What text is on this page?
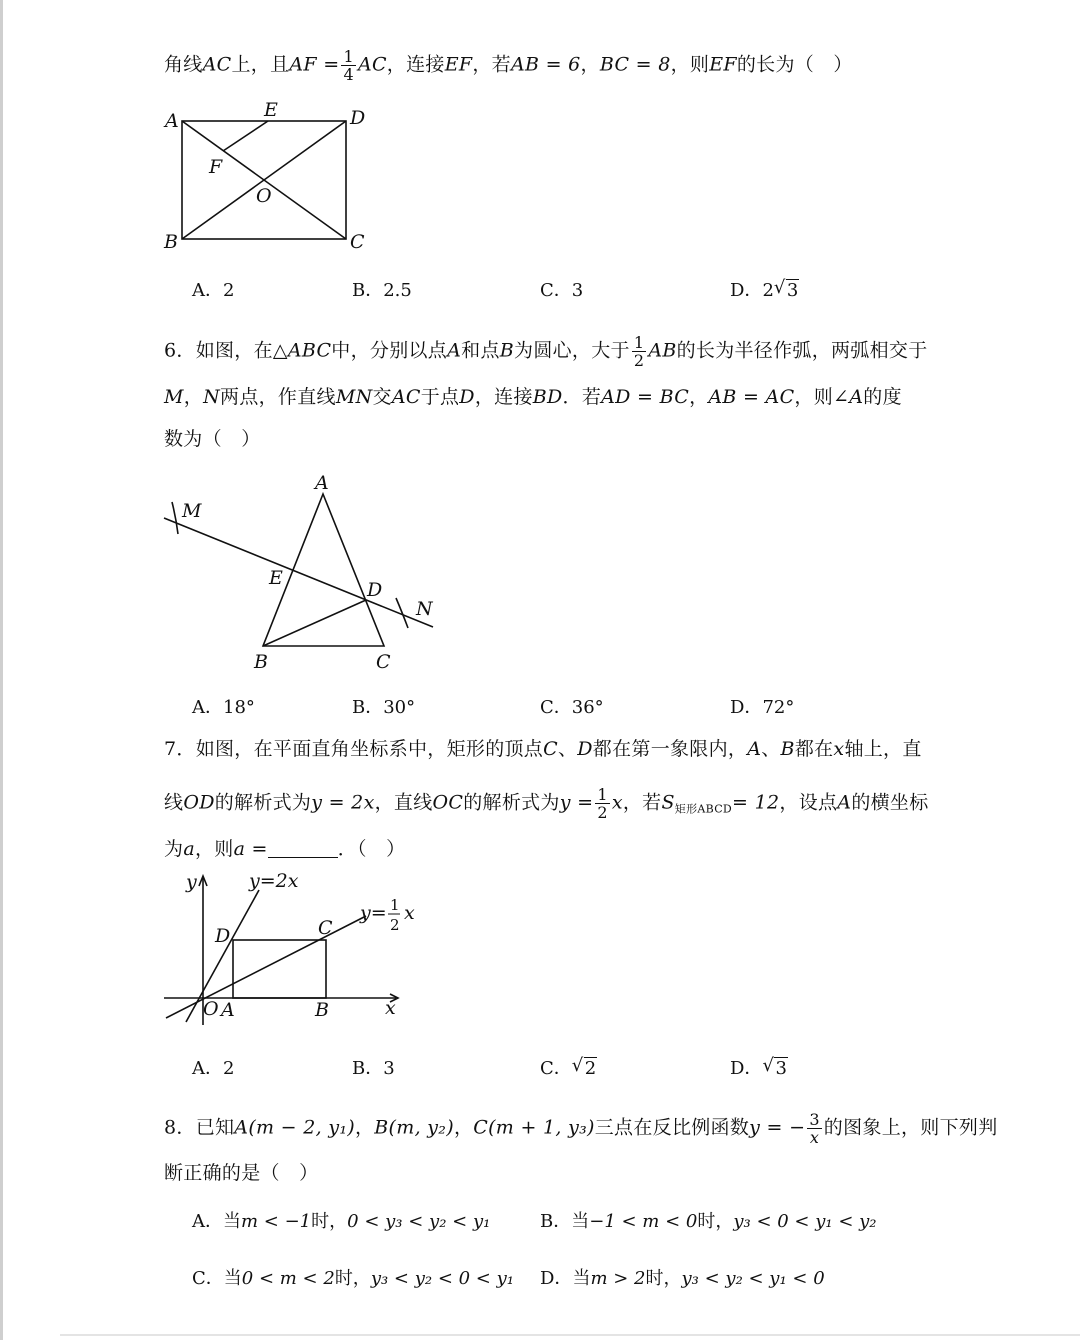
角线AC上，且AF = $\frac{1}{4}$ AC，连接EF，若AB = 6，BC = 8，则EF的长为（　）
A	E	D
F
O
B	C
A．2	B．2.5	C．3	D．2 √ 3
6．如图，在△ABC中，分别以点A和点B为圆心，大于 $\frac{1}{2}$ AB的长为半径作弧，两弧相交于
M，N两点，作直线MN交AC于点D，连接BD．若AD = BC，AB = AC，则∠A的度
数为（　）
A
M
E
D
N
B	C
A．18°	B．30°	C．36°	D．72°
7．如图，在平面直角坐标系中，矩形的顶点C、D都在第一象限内，A、B都在x轴上，直
线OD的解析式为y = 2x，直线OC的解析式为$y = \frac{1}{2}$ x，若$S_{矩形ABCD}= 12$，设点A的横坐标
为a，则a =	．（　）
y	y=2x
y= 1
2
x
D	C
O A	B	x
A．2	B．3	C． √ 2	D． √ 3
8．已知A(m − 2, y₁)，B(m, y₂)，C(m + 1, y₃)三点在反比例函数y = − $\frac{3}{x}$ 的图象上，则下列判
断正确的是（　）
A．当m < −1时，0 < y₃ < y₂ < y₁	B．当−1 < m < 0时，y₃ < 0 < y₁ < y₂
C．当0 < m < 2时，y₃ < y₂ < 0 < y₁ D．当m > 2时，y₃ < y₂ < y₁ < 0
